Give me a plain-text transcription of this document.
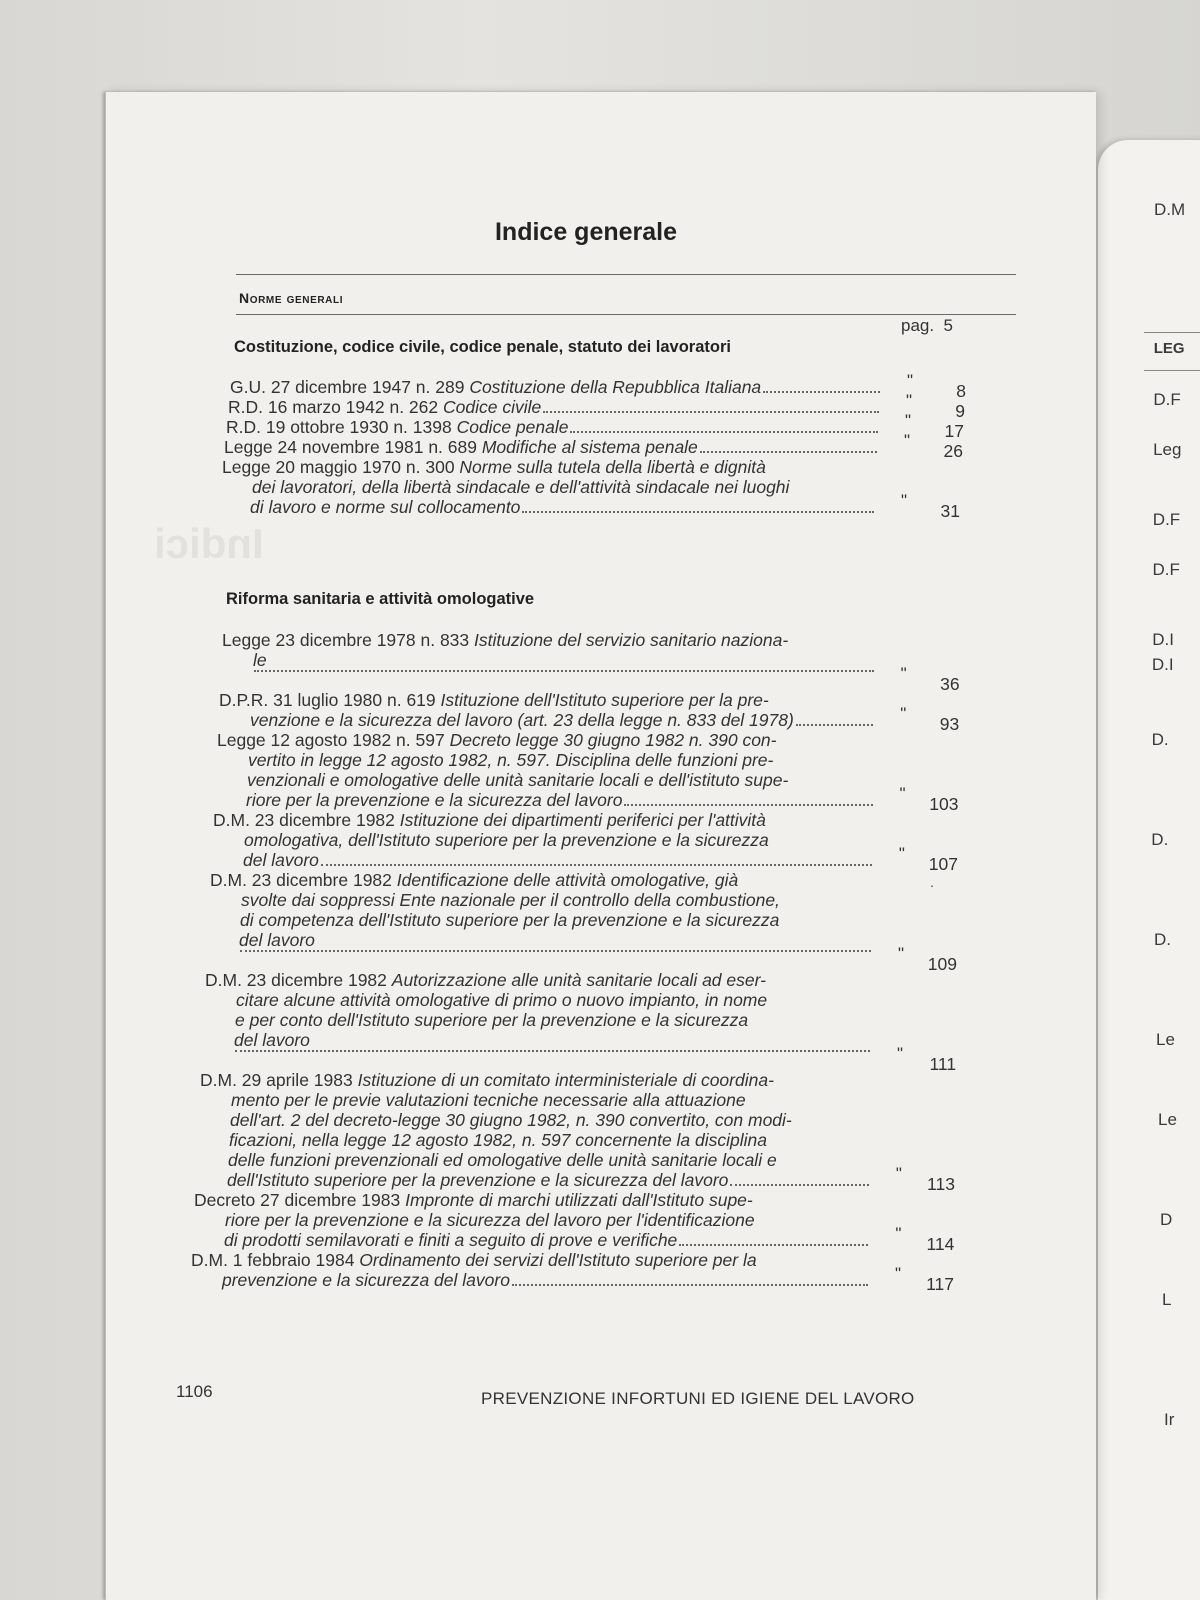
D.M
LEG
D.F
Leg
D.F
D.F
D.I
D.I
D.
D.
D.
Le
Le
D
L
Ir
Indici
Indice generale
Norme generali
pag. 5
.
1106	PREVENZIONE INFORTUNI ED IGIENE DEL LAVORO
Costituzione, codice civile, codice penale, statuto dei lavoratori
"
8
G.U. 27 dicembre 1947 n. 289 Costituzione della Repubblica Italiana
"
9
R.D. 16 marzo 1942 n. 262 Codice civile
"
17
R.D. 19 ottobre 1930 n. 1398 Codice penale
"
26
Legge 24 novembre 1981 n. 689 Modifiche al sistema penale
Legge 20 maggio 1970 n. 300 Norme sulla tutela della libertà e dignità
dei lavoratori, della libertà sindacale e dell'attività sindacale nei luoghi
"
31
di lavoro e norme sul collocamento
Riforma sanitaria e attività omologative
Legge 23 dicembre 1978 n. 833 Istituzione del servizio sanitario naziona-
le
"
36
D.P.R. 31 luglio 1980 n. 619 Istituzione dell'Istituto superiore per la pre-
"
93
venzione e la sicurezza del lavoro (art. 23 della legge n. 833 del 1978)
Legge 12 agosto 1982 n. 597 Decreto legge 30 giugno 1982 n. 390 con-
vertito in legge 12 agosto 1982, n. 597. Disciplina delle funzioni pre-
venzionali e omologative delle unità sanitarie locali e dell'istituto supe-
"
103
riore per la prevenzione e la sicurezza del lavoro
D.M. 23 dicembre 1982 Istituzione dei dipartimenti periferici per l'attività
omologativa, dell'Istituto superiore per la prevenzione e la sicurezza
"
107
del lavoro
D.M. 23 dicembre 1982 Identificazione delle attività omologative, già
svolte dai soppressi Ente nazionale per il controllo della combustione,
di competenza dell'Istituto superiore per la prevenzione e la sicurezza
del lavoro
"
109
D.M. 23 dicembre 1982 Autorizzazione alle unità sanitarie locali ad eser-
citare alcune attività omologative di primo o nuovo impianto, in nome
e per conto dell'Istituto superiore per la prevenzione e la sicurezza
del lavoro
"
111
D.M. 29 aprile 1983 Istituzione di un comitato interministeriale di coordina-
mento per le previe valutazioni tecniche necessarie alla attuazione
dell'art. 2 del decreto-legge 30 giugno 1982, n. 390 convertito, con modi-
ficazioni, nella legge 12 agosto 1982, n. 597 concernente la disciplina
delle funzioni prevenzionali ed omologative delle unità sanitarie locali e
"
113
dell'Istituto superiore per la prevenzione e la sicurezza del lavoro
Decreto 27 dicembre 1983 Impronte di marchi utilizzati dall'Istituto supe-
riore per la prevenzione e la sicurezza del lavoro per l'identificazione
"
114
di prodotti semilavorati e finiti a seguito di prove e verifiche
D.M. 1 febbraio 1984 Ordinamento dei servizi dell'Istituto superiore per la
"
117
prevenzione e la sicurezza del lavoro
